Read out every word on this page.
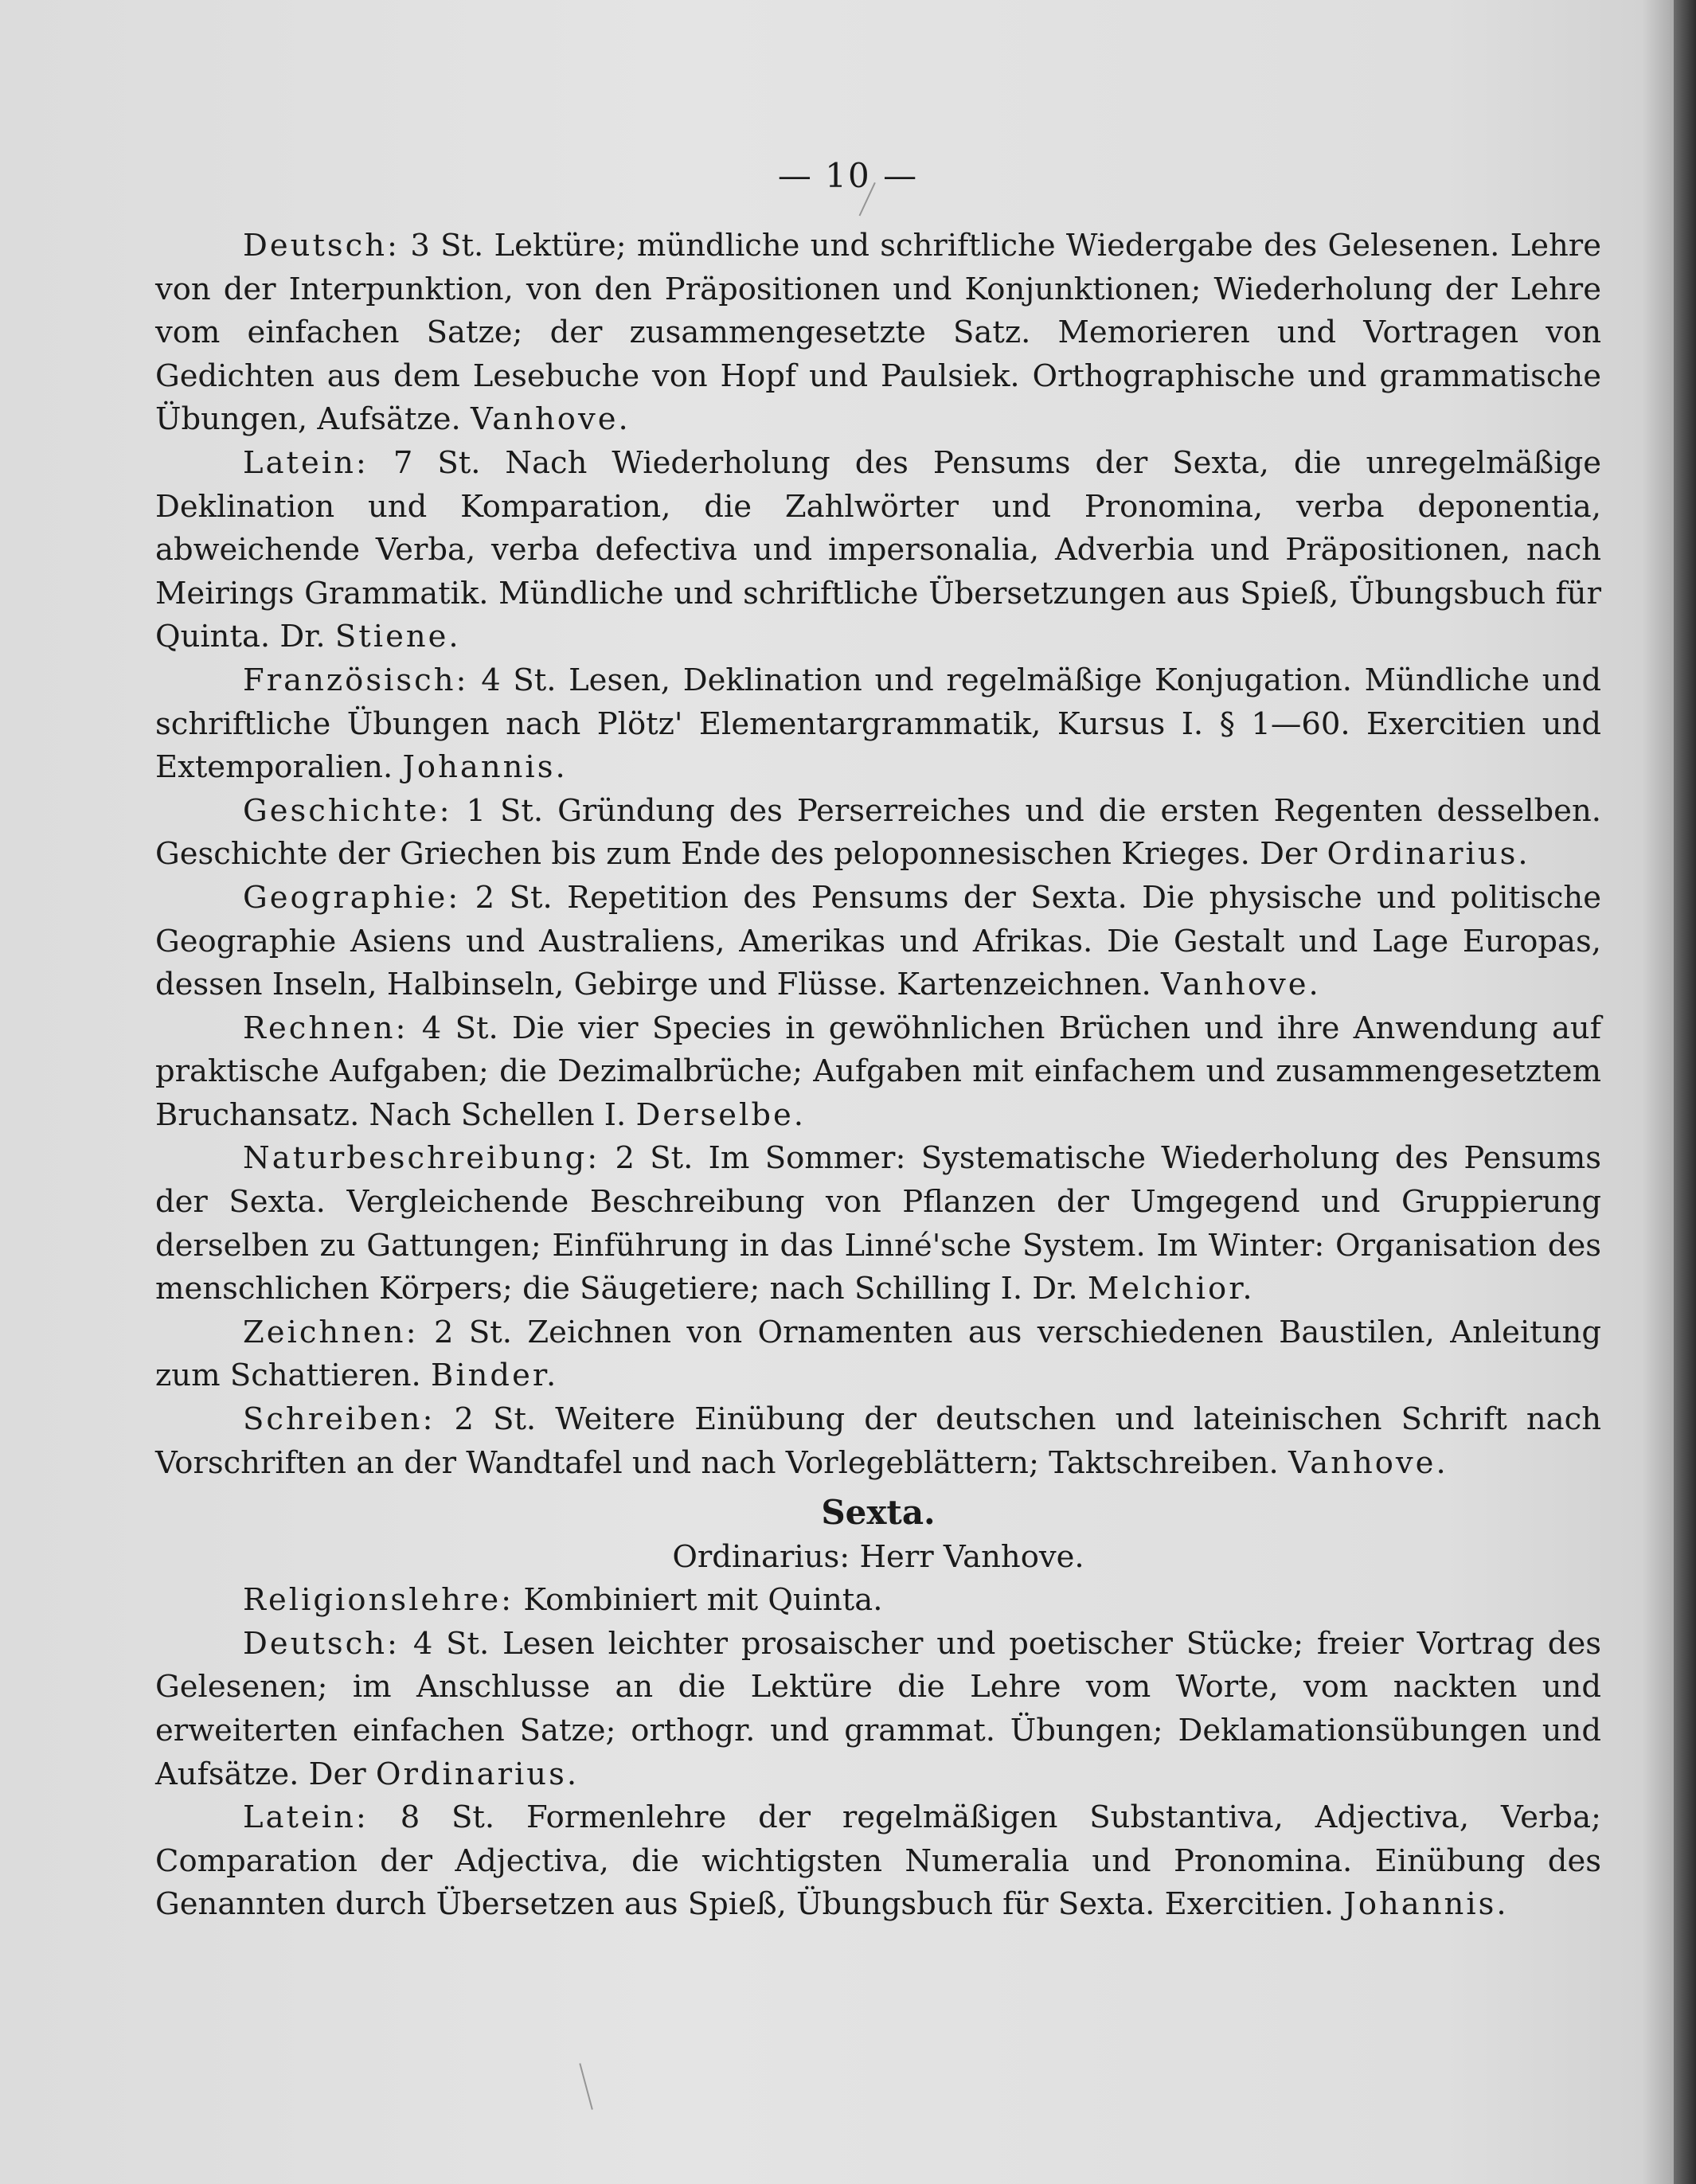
— 10 —

Deutsch: 3 St. Lektüre; mündliche und schriftliche Wiedergabe des Gelesenen. Lehre von der Interpunktion, von den Präpositionen und Konjunktionen; Wiederholung der Lehre vom einfachen Satze; der zusammengesetzte Satz. Memorieren und Vortragen von Gedichten aus dem Lesebuche von Hopf und Paulsiek. Orthographische und grammatische Übungen, Aufsätze. Vanhove.

Latein: 7 St. Nach Wiederholung des Pensums der Sexta, die unregelmäßige Deklination und Komparation, die Zahlwörter und Pronomina, verba deponentia, abweichende Verba, verba defectiva und impersonalia, Adverbia und Präpositionen, nach Meirings Grammatik. Mündliche und schriftliche Übersetzungen aus Spieß, Übungsbuch für Quinta. Dr. Stiene.

Französisch: 4 St. Lesen, Deklination und regelmäßige Konjugation. Mündliche und schriftliche Übungen nach Plötz' Elementargrammatik, Kursus I. § 1—60. Exercitien und Extemporalien. Johannis.

Geschichte: 1 St. Gründung des Perserreiches und die ersten Regenten desselben. Geschichte der Griechen bis zum Ende des peloponnesischen Krieges. Der Ordinarius.

Geographie: 2 St. Repetition des Pensums der Sexta. Die physische und politische Geographie Asiens und Australiens, Amerikas und Afrikas. Die Gestalt und Lage Europas, dessen Inseln, Halbinseln, Gebirge und Flüsse. Kartenzeichnen. Vanhove.

Rechnen: 4 St. Die vier Species in gewöhnlichen Brüchen und ihre Anwendung auf praktische Aufgaben; die Dezimalbrüche; Aufgaben mit einfachem und zusammengesetztem Bruchansatz. Nach Schellen I. Derselbe.

Naturbeschreibung: 2 St. Im Sommer: Systematische Wiederholung des Pensums der Sexta. Vergleichende Beschreibung von Pflanzen der Umgegend und Gruppierung derselben zu Gattungen; Einführung in das Linné'sche System. Im Winter: Organisation des menschlichen Körpers; die Säugetiere; nach Schilling I. Dr. Melchior.

Zeichnen: 2 St. Zeichnen von Ornamenten aus verschiedenen Baustilen, Anleitung zum Schattieren. Binder.

Schreiben: 2 St. Weitere Einübung der deutschen und lateinischen Schrift nach Vorschriften an der Wandtafel und nach Vorlegeblättern; Taktschreiben. Vanhove.

Sexta.

Ordinarius: Herr Vanhove.

Religionslehre: Kombiniert mit Quinta.

Deutsch: 4 St. Lesen leichter prosaischer und poetischer Stücke; freier Vortrag des Gelesenen; im Anschlusse an die Lektüre die Lehre vom Worte, vom nackten und erweiterten einfachen Satze; orthogr. und grammat. Übungen; Deklamationsübungen und Aufsätze. Der Ordinarius.

Latein: 8 St. Formenlehre der regelmäßigen Substantiva, Adjectiva, Verba; Comparation der Adjectiva, die wichtigsten Numeralia und Pronomina. Einübung des Genannten durch Übersetzen aus Spieß, Übungsbuch für Sexta. Exercitien. Johannis.
